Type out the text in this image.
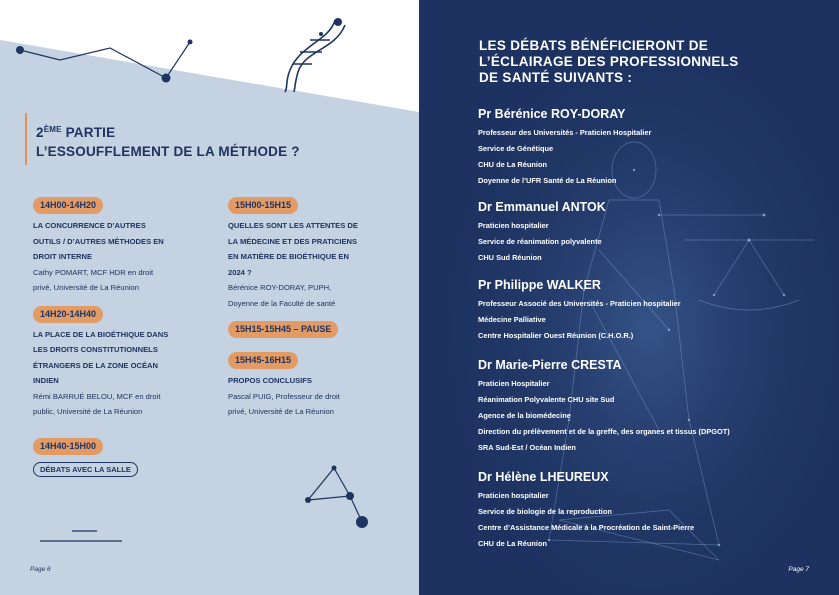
2ÈME PARTIE
L’ESSOUFFLEMENT DE LA MÉTHODE ?
14H00-14H20
LA CONCURRENCE D’AUTRES
OUTILS / D’AUTRES MÉTHODES EN
DROIT INTERNE
Cathy POMART, MCF HDR en droit
privé, Université de La Réunion
14H20-14H40
LA PLACE DE LA BIOÉTHIQUE DANS
LES DROITS CONSTITUTIONNELS
ÉTRANGERS DE LA ZONE OCÉAN
INDIEN
Rémi BARRUÉ BELOU, MCF en droit
public, Université de La Réunion
14H40-15H00
DÉBATS AVEC LA SALLE
15H00-15H15
QUELLES SONT LES ATTENTES DE
LA MÉDECINE ET DES PRATICIENS
EN MATIÈRE DE BIOÉTHIQUE EN
2024 ?
Bérénice ROY-DORAY, PUPH,
Doyenne de la Faculté de santé
15H15-15H45 – PAUSE
15H45-16H15
PROPOS CONCLUSIFS
Pascal PUIG, Professeur de droit
privé, Université de La Réunion
Page 6
LES DÉBATS BÉNÉFICIERONT DE
L’ÉCLAIRAGE DES PROFESSIONNELS
DE SANTÉ SUIVANTS :
Pr Bérénice ROY-DORAY
Professeur des Universités - Praticien Hospitalier
Service de Génétique
CHU de La Réunion
Doyenne de l’UFR Santé de La Réunion
Dr Emmanuel ANTOK
Praticien hospitalier
Service de réanimation polyvalente
CHU Sud Réunion
Pr Philippe WALKER
Professeur Associé des Universités - Praticien hospitalier
Médecine Palliative
Centre Hospitalier Ouest Réunion (C.H.O.R.)
Dr Marie-Pierre CRESTA
Praticien Hospitalier
Réanimation Polyvalente CHU site Sud
Agence de la biomédecine
Direction du prélèvement et de la greffe, des organes et tissus (DPGOT)
SRA Sud-Est / Océan Indien
Dr Hélène LHEUREUX
Praticien hospitalier
Service de biologie de la reproduction
Centre d’Assistance Médicale à la Procréation de Saint-Pierre
CHU de La Réunion
Page 7
